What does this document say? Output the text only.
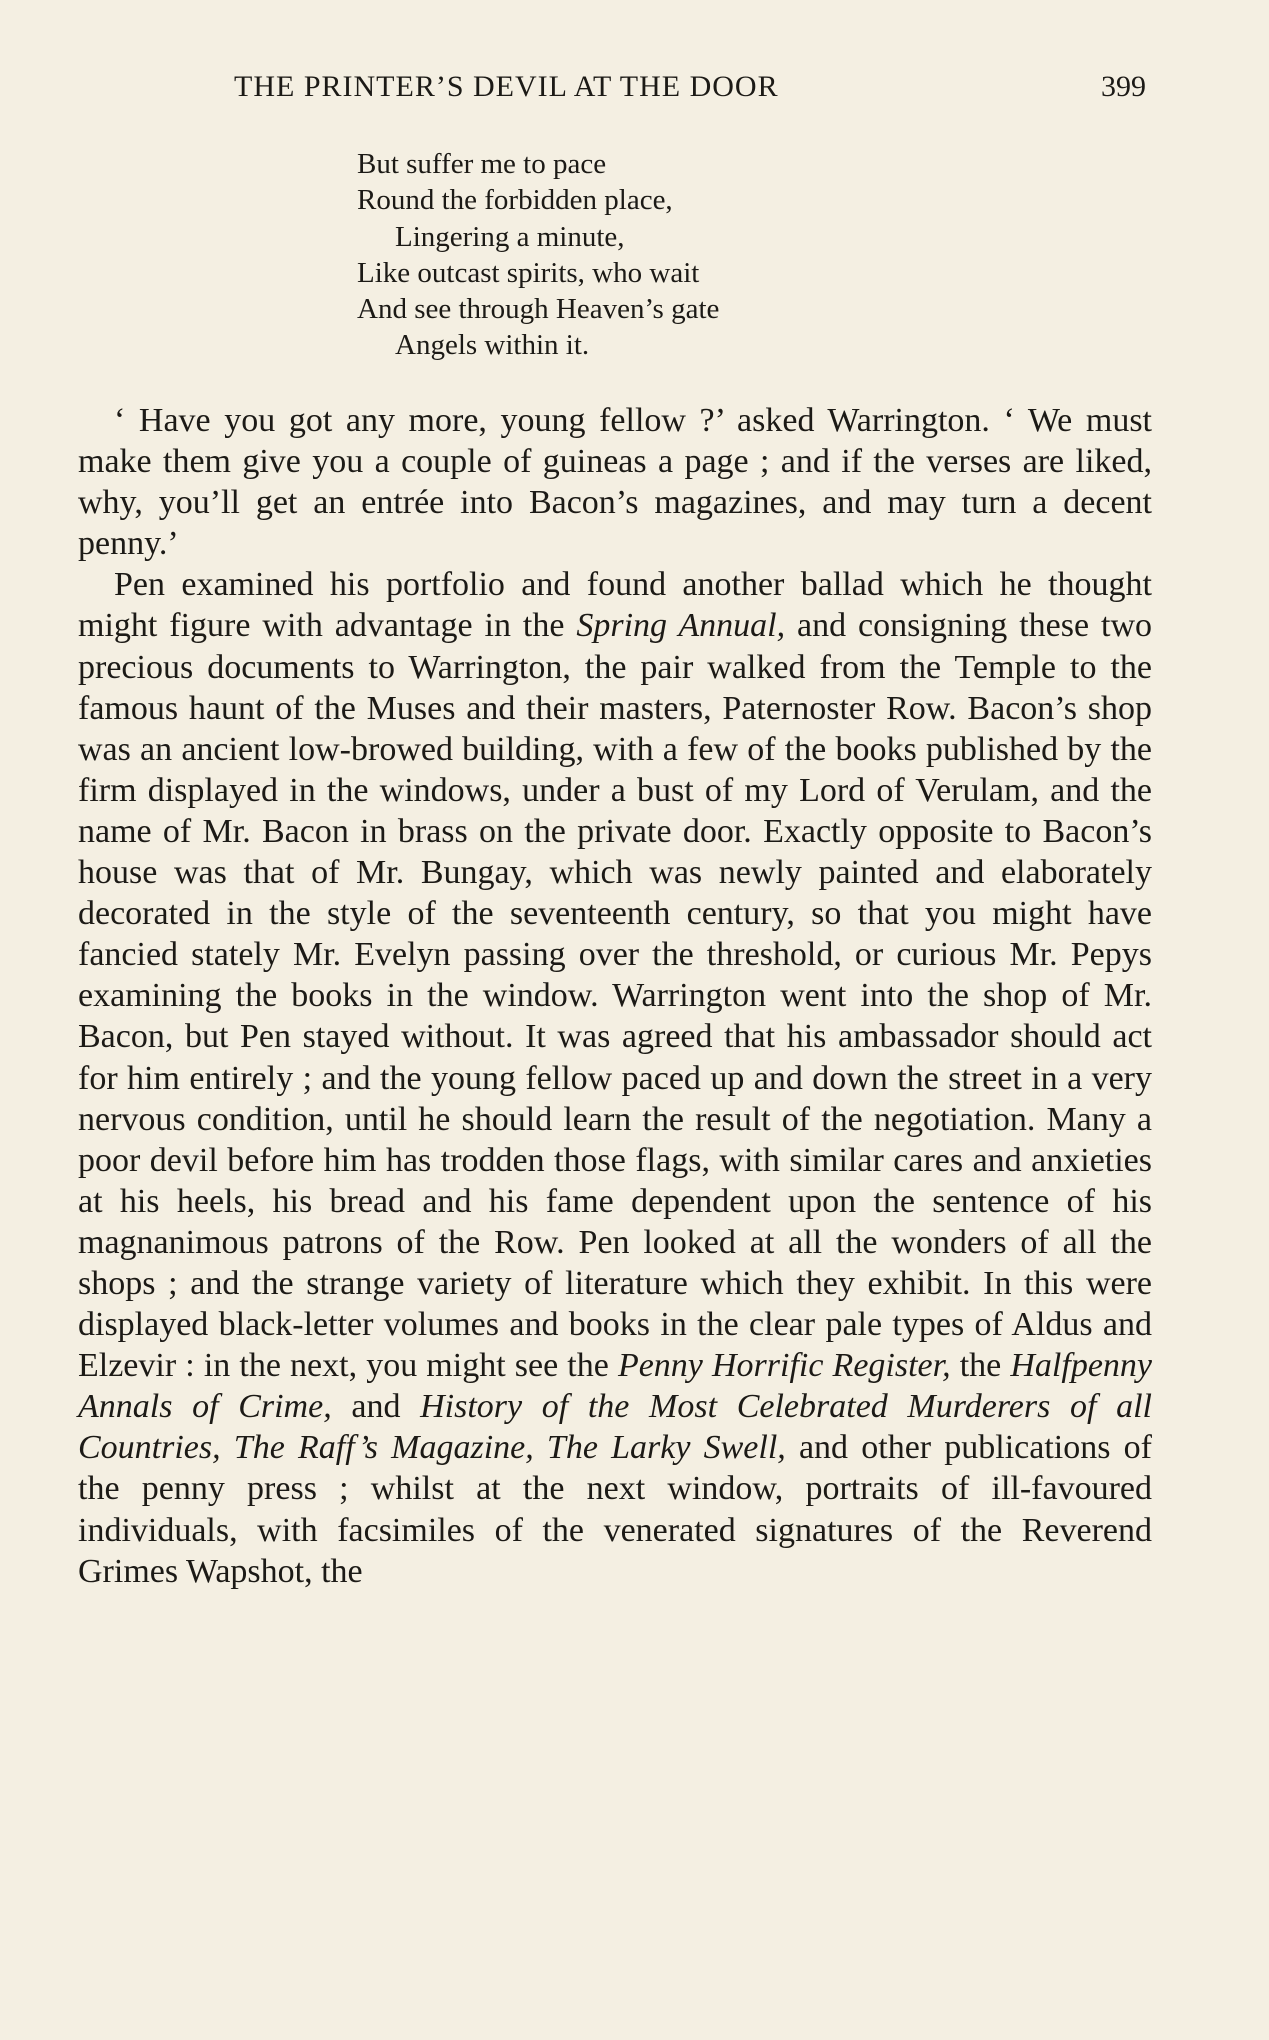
THE PRINTER’S DEVIL AT THE DOOR	399
But suffer me to pace
Round the forbidden place,
Lingering a minute,
Like outcast spirits, who wait
And see through Heaven’s gate
Angels within it.

‘ Have you got any more, young fellow ?’ asked Warrington. ‘ We must make them give you a couple of guineas a page ; and if the verses are liked, why, you’ll get an entrée into Bacon’s magazines, and may turn a decent penny.’

Pen examined his portfolio and found another ballad which he thought might figure with advantage in the Spring Annual, and consigning these two precious documents to Warrington, the pair walked from the Temple to the famous haunt of the Muses and their masters, Paternoster Row. Bacon’s shop was an ancient low-browed building, with a few of the books published by the firm displayed in the windows, under a bust of my Lord of Verulam, and the name of Mr. Bacon in brass on the private door. Exactly opposite to Bacon’s house was that of Mr. Bungay, which was newly painted and elaborately decorated in the style of the seventeenth century, so that you might have fancied stately Mr. Evelyn passing over the threshold, or curious Mr. Pepys examining the books in the window. Warrington went into the shop of Mr. Bacon, but Pen stayed without. It was agreed that his ambassador should act for him entirely ; and the young fellow paced up and down the street in a very nervous condition, until he should learn the result of the negotiation. Many a poor devil before him has trodden those flags, with similar cares and anxieties at his heels, his bread and his fame dependent upon the sentence of his magnanimous patrons of the Row. Pen looked at all the wonders of all the shops ; and the strange variety of literature which they exhibit. In this were displayed black-letter volumes and books in the clear pale types of Aldus and Elzevir : in the next, you might see the Penny Horrific Register, the Halfpenny Annals of Crime, and History of the Most Celebrated Murderers of all Countries, The Raff’s Magazine, The Larky Swell, and other publications of the penny press ; whilst at the next window, portraits of ill-favoured individuals, with facsimiles of the venerated signatures of the Reverend Grimes Wapshot, the
